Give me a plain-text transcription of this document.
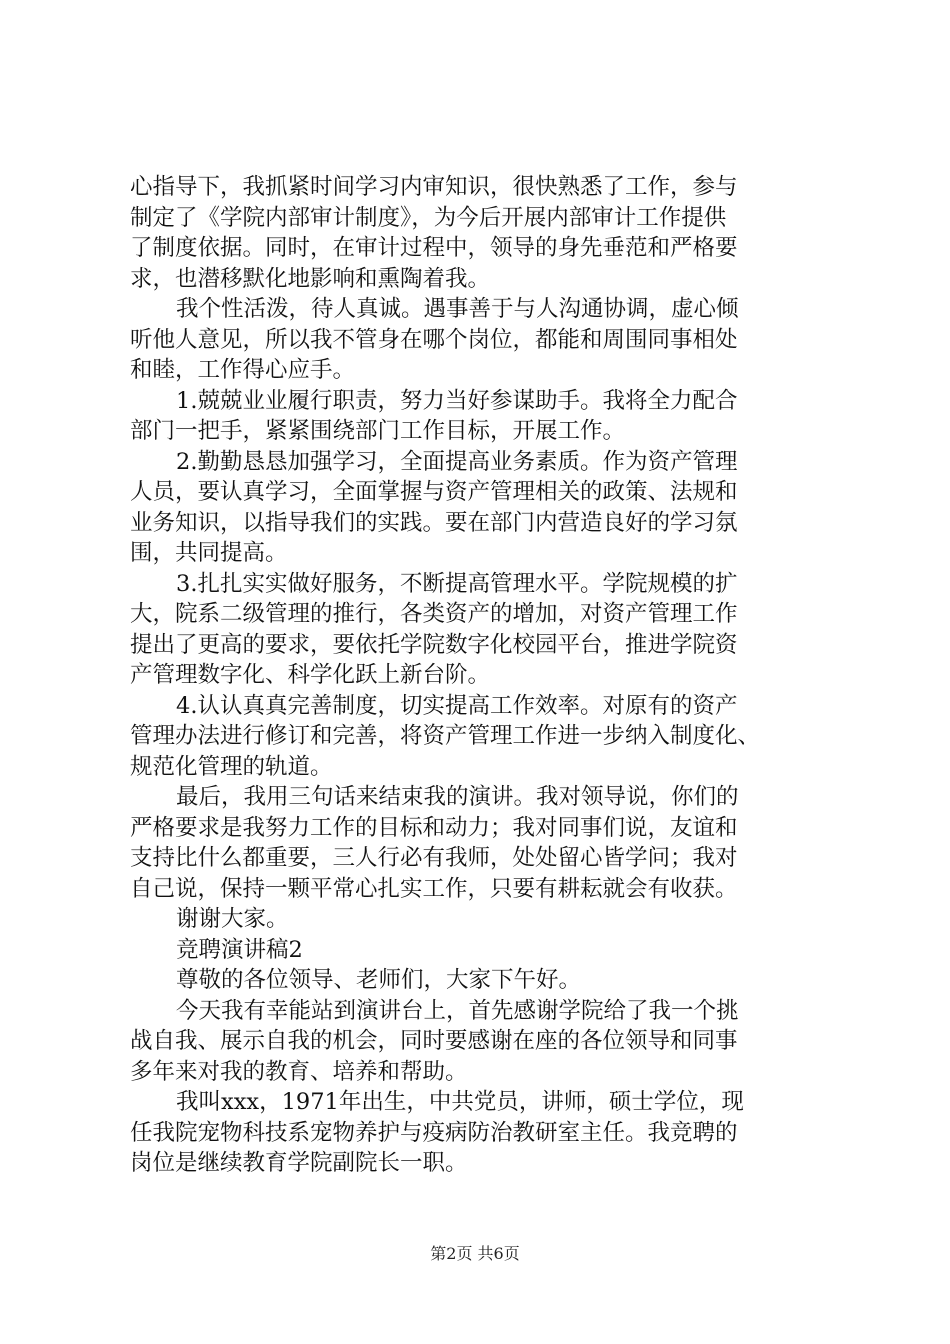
心指导下，我抓紧时间学习内审知识，很快熟悉了工作，参与
制定了《学院内部审计制度》，为今后开展内部审计工作提供
了制度依据。同时，在审计过程中，领导的身先垂范和严格要
求，也潜移默化地影响和熏陶着我。
我个性活泼，待人真诚。遇事善于与人沟通协调，虚心倾
听他人意见，所以我不管身在哪个岗位，都能和周围同事相处
和睦，工作得心应手。
1.兢兢业业履行职责，努力当好参谋助手。我将全力配合
部门一把手，紧紧围绕部门工作目标，开展工作。
2.勤勤恳恳加强学习，全面提高业务素质。作为资产管理
人员，要认真学习，全面掌握与资产管理相关的政策、法规和
业务知识，以指导我们的实践。要在部门内营造良好的学习氛
围，共同提高。
3.扎扎实实做好服务，不断提高管理水平。学院规模的扩
大，院系二级管理的推行，各类资产的增加，对资产管理工作
提出了更高的要求，要依托学院数字化校园平台，推进学院资
产管理数字化、科学化跃上新台阶。
4.认认真真完善制度，切实提高工作效率。对原有的资产
管理办法进行修订和完善，将资产管理工作进一步纳入制度化、
规范化管理的轨道。
最后，我用三句话来结束我的演讲。我对领导说，你们的
严格要求是我努力工作的目标和动力；我对同事们说，友谊和
支持比什么都重要，三人行必有我师，处处留心皆学问；我对
自己说，保持一颗平常心扎实工作，只要有耕耘就会有收获。
谢谢大家。
竞聘演讲稿2
尊敬的各位领导、老师们，大家下午好。
今天我有幸能站到演讲台上，首先感谢学院给了我一个挑
战自我、展示自我的机会，同时要感谢在座的各位领导和同事
多年来对我的教育、培养和帮助。
我叫xxx，1971年出生，中共党员，讲师，硕士学位，现
任我院宠物科技系宠物养护与疫病防治教研室主任。我竞聘的
岗位是继续教育学院副院长一职。
第2页 共6页
